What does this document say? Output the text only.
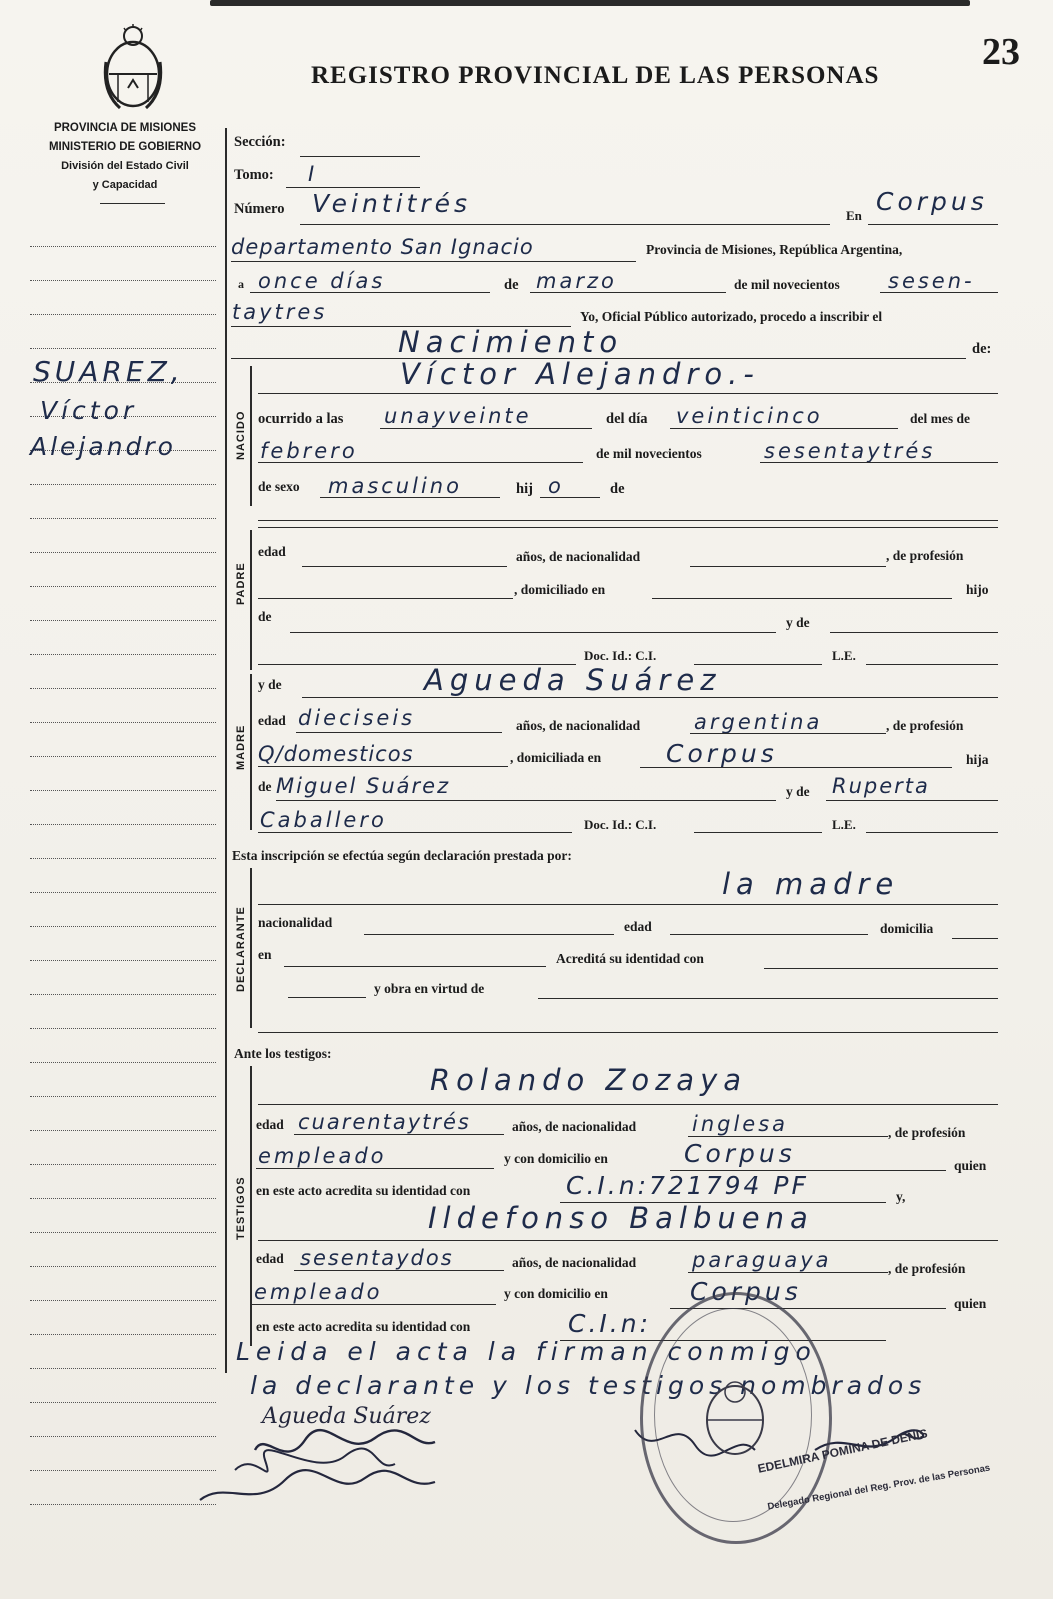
REGISTRO PROVINCIAL DE LAS PERSONAS
23
PROVINCIA DE MISIONES
MINISTERIO DE GOBIERNO
División del Estado Civil
y Capacidad
SUAREZ,
Víctor
Alejandro
Sección:
Tomo: I
Número Veintitrés	En Corpus
departamento San Ignacio	Provincia de Misiones, República Argentina,
a once días	de marzo	de mil novecientos sesen-
taytres	Yo, Oficial Público autorizado, procedo a inscribir el
Nacimiento	de:
NACIDO
Víctor Alejandro.-
ocurrido a las unayveinte	del día veinticinco	del mes de
febrero	de mil novecientos	sesentaytrés
de sexo masculino	hij o	de
PADRE
edad	años, de nacionalidad	, de profesión
, domiciliado en	hijo
de	y de
Doc. Id.: C.I.	L.E.
MADRE
y de	Agueda Suárez
edad dieciseis	años, de nacionalidad	argentina	, de profesión
Q/domesticos	, domiciliada en	Corpus	hija
de Miguel Suárez	y de Ruperta
Caballero	Doc. Id.: C.I.	L.E.
Esta inscripción se efectúa según declaración prestada por:
DECLARANTE
la madre
nacionalidad	edad	domicilia
en	Acreditá su identidad con
y obra en virtud de
Ante los testigos:
TESTIGOS
Rolando Zozaya
edad cuarentaytrés	años, de nacionalidad	inglesa	, de profesión
empleado	y con domicilio en	Corpus	quien
en este acto acredita su identidad con	C.I.n:721794 PF	y,
Ildefonso Balbuena
edad sesentaydos	años, de nacionalidad	paraguaya	, de profesión
empleado	y con domicilio en	Corpus	quien
en este acto acredita su identidad con	C.I.n:
Leida el acta la firman conmigo
la declarante y los testigos nombrados
Agueda Suárez
EDELMIRA POMINA DE DENIS
Delegado Regional del Reg. Prov. de las Personas
